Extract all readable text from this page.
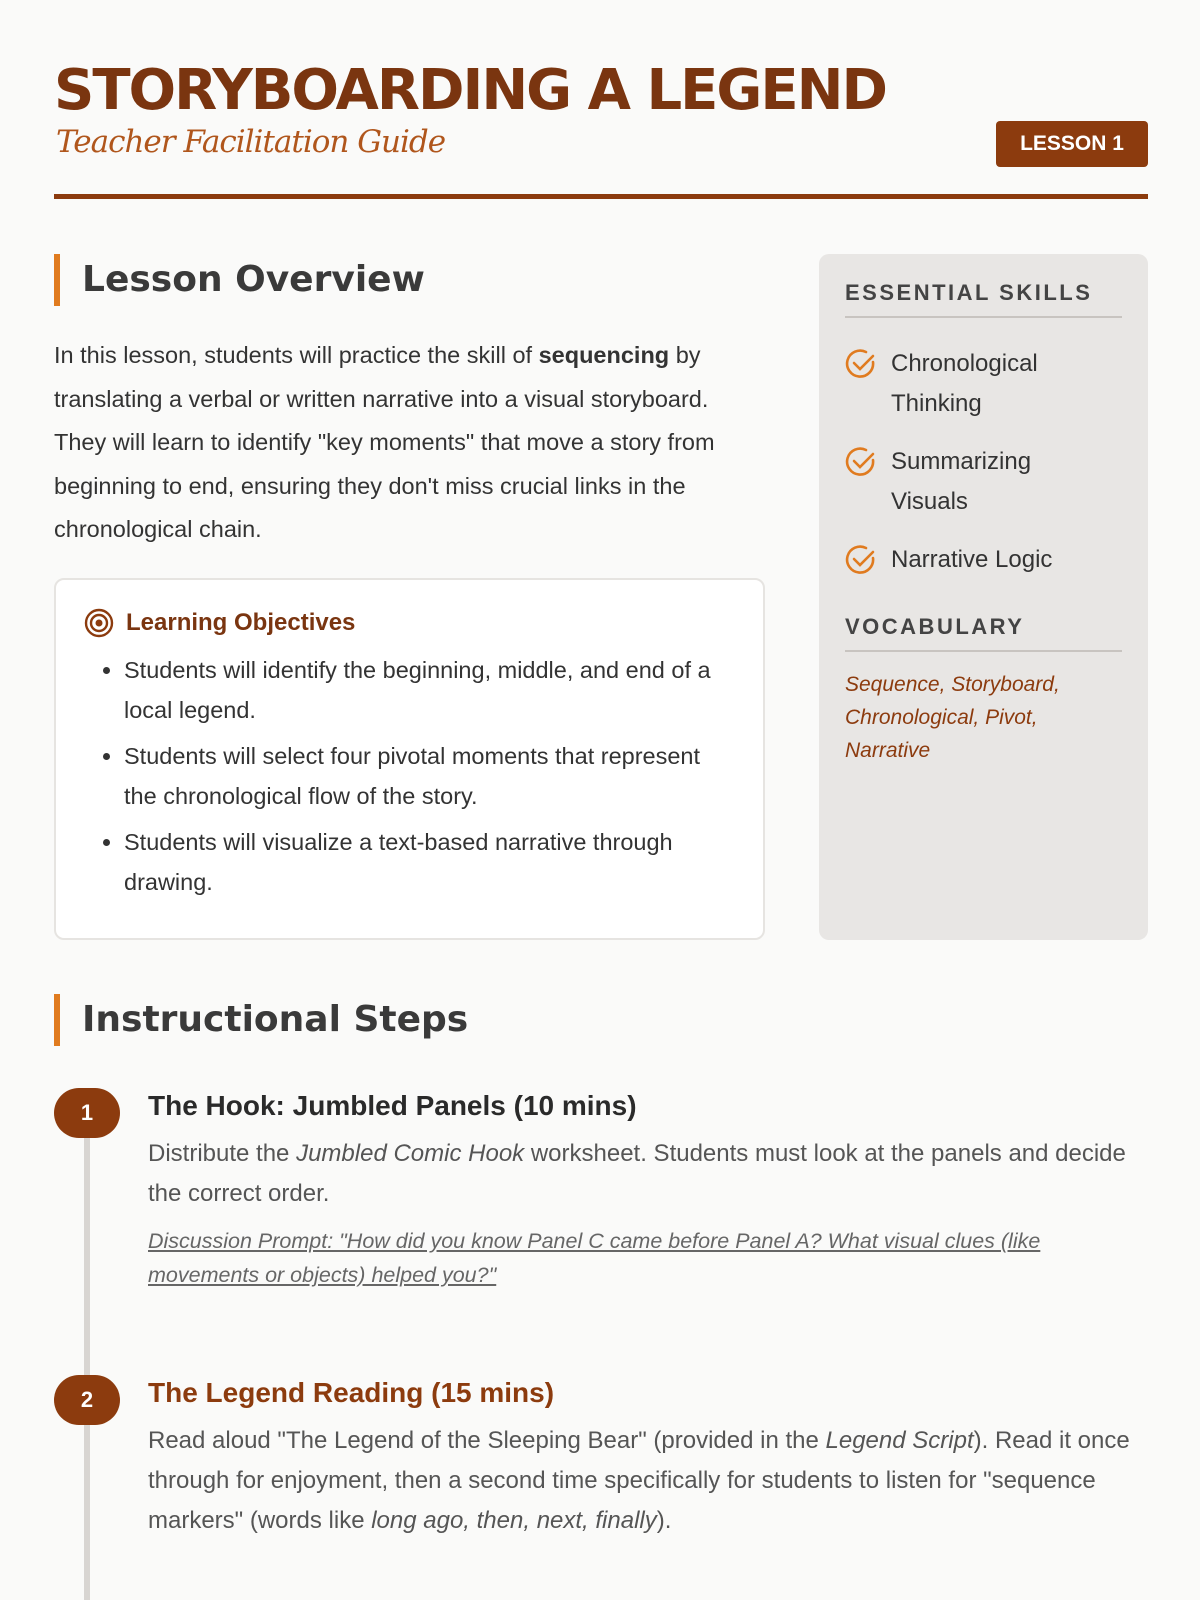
STORYBOARDING A LEGEND
Teacher Facilitation Guide	LESSON 1
Lesson Overview

In this lesson, students will practice the skill of sequencing by translating a verbal or written narrative into a visual storyboard. They will learn to identify "key moments" that move a story from beginning to end, ensuring they don't miss crucial links in the chronological chain.

Learning Objectives
• Students will identify the beginning, middle, and end of a local legend.
• Students will select four pivotal moments that represent the chronological flow of the story.
• Students will visualize a text-based narrative through drawing.
ESSENTIAL SKILLS
Chronological Thinking
Summarizing Visuals
Narrative Logic
VOCABULARY
Sequence, Storyboard, Chronological, Pivot, Narrative
Instructional Steps
1	The Hook: Jumbled Panels (10 mins)
Distribute the Jumbled Comic Hook worksheet. Students must look at the panels and decide the correct order.
Discussion Prompt: "How did you know Panel C came before Panel A? What visual clues (like movements or objects) helped you?"
2	The Legend Reading (15 mins)
Read aloud "The Legend of the Sleeping Bear" (provided in the Legend Script). Read it once through for enjoyment, then a second time specifically for students to listen for "sequence markers" (words like long ago, then, next, finally).
